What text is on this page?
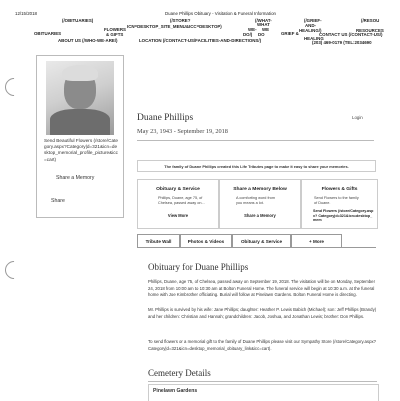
12/15/2018	Duane Phillips Obituary - Visitation & Funeral Information
(/OBITUARIES)
OBITUARIES
FLOWERS
& GIFTS
(/STORE?
ICN=DESKTOP_SITE_MENU&ICC=DESKTOP)
(/WHAT-
WHAT
WE- WE
DO/) DO
(/GRIEF-
AND-
GRIEF &
HEALING/)
HEALING
(/RESOU
RESOURCES
ABOUT US (/WHO-WE-ARE/)	LOCATION (/CONTACT-US/FACILITIES-AND-DIRECTIONS/)
CONTACT US (/CONTACT-US/)
(203) 469-0179 (TEL:2034690
Send Beautiful Flowers (/store/Category.aspx?Category|d=321&icn=desktop_memorial_profile_picture&icc=cart)
Share a Memory
Share
Duane Phillips
May 23, 1943 - September 19, 2018
Login
The family of Duane Phillips created this Life Tributes page to make it easy to share your memories.
Obituary & Service
Phillips, Duane, age 75, of Chelsea, passed away on...
View More
Share a Memory Below
A comforting word from you means a lot.
Share a Memory
Flowers & Gifts
Send Flowers to the family of Duane.
Send Flowers (/store/Category.aspx? Category|d=321&icn=desktop_mem
Tribute Wall	Photos & Videos	Obituary & Service	+ More
Obituary for Duane Phillips
Phillips, Duane, age 75, of Chelsea, passed away on September 19, 2018. The visitation will be on Monday, September 24, 2018 from 10:00 am to 10:30 am at Bolton Funeral Home. The funeral service will begin at 10:30 a.m. at the funeral home with Joe Kimbrother officiating. Burial will follow at Pinelawn Gardens. Bolton Funeral Home is directing.
Mr. Phillips is survived by his wife: Jane Phillips; daughter: Heather P. Lewis Babich (Michael); son: Jeff Phillips (Brandy) and her children: Christian and Hannah; grandchildren: Jacob, Joshua, and Jonathan Lewis; brother: Don Phillips.
To send flowers or a memorial gift to the family of Duane Phillips please visit our Sympathy Store (/store/Category.aspx?Category|d=321&icn=desktop_memorial_obituary_link&icc=cart).
Cemetery Details
Pinelawn Gardens
